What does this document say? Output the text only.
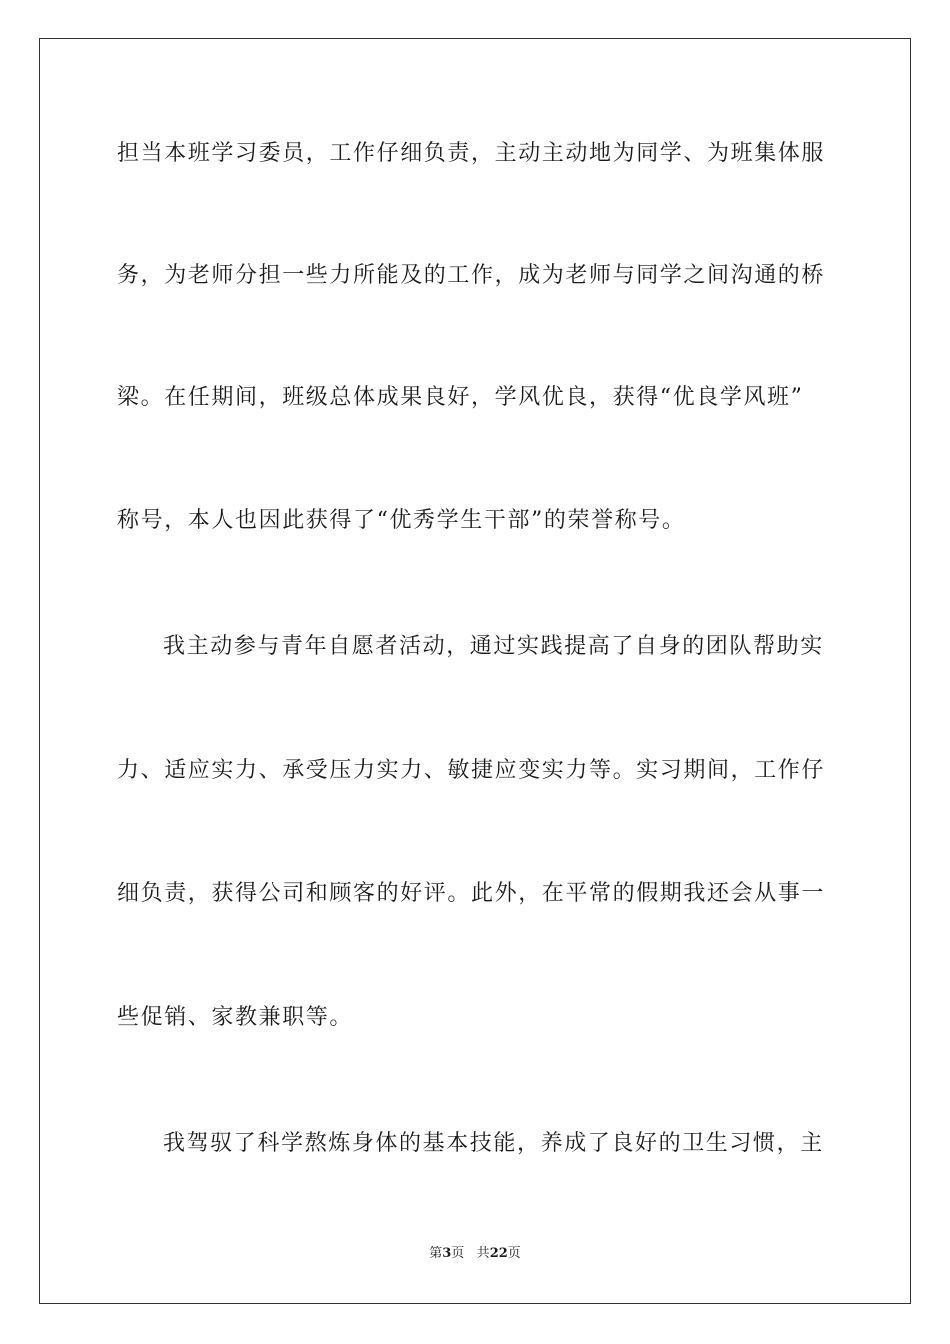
担当本班学习委员，工作仔细负责，主动主动地为同学、为班集体服
务，为老师分担一些力所能及的工作，成为老师与同学之间沟通的桥
梁。在任期间，班级总体成果良好，学风优良，获得“优良学风班”
称号，本人也因此获得了“优秀学生干部”的荣誉称号。
我主动参与青年自愿者活动，通过实践提高了自身的团队帮助实
力、适应实力、承受压力实力、敏捷应变实力等。实习期间，工作仔
细负责，获得公司和顾客的好评。此外，在平常的假期我还会从事一
些促销、家教兼职等。
我驾驭了科学熬炼身体的基本技能，养成了良好的卫生习惯，主
第3页 共22页
